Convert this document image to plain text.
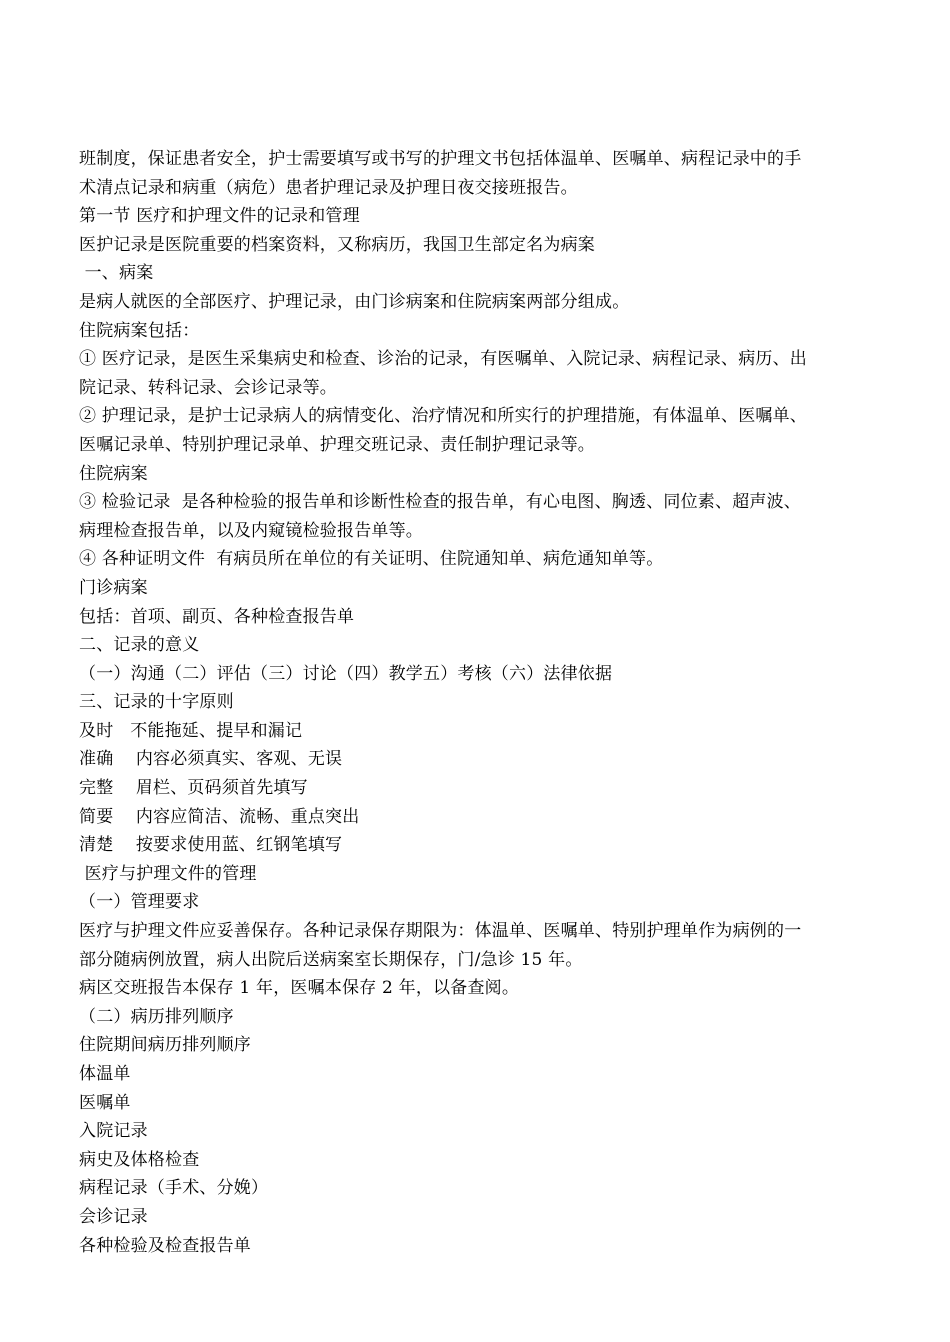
班制度，保证患者安全，护士需要填写或书写的护理文书包括体温单、医嘱单、病程记录中的手
术清点记录和病重（病危）患者护理记录及护理日夜交接班报告。
第一节 医疗和护理文件的记录和管理
医护记录是医院重要的档案资料，又称病历，我国卫生部定名为病案
一、病案
是病人就医的全部医疗、护理记录，由门诊病案和住院病案两部分组成。
住院病案包括：
① 医疗记录，是医生采集病史和检查、诊治的记录，有医嘱单、入院记录、病程记录、病历、出
院记录、转科记录、会诊记录等。
② 护理记录，是护士记录病人的病情变化、治疗情况和所实行的护理措施，有体温单、医嘱单、
医嘱记录单、特别护理记录单、护理交班记录、责任制护理记录等。
住院病案
③ 检验记录  是各种检验的报告单和诊断性检查的报告单，有心电图、胸透、同位素、超声波、
病理检查报告单，以及内窥镜检验报告单等。
④ 各种证明文件  有病员所在单位的有关证明、住院通知单、病危通知单等。
门诊病案
包括：首项、副页、各种检查报告单
二、记录的意义
（一）沟通（二）评估（三）讨论（四）教学五）考核（六）法律依据
三、记录的十字原则
及时   不能拖延、提早和漏记
准确    内容必须真实、客观、无误
完整    眉栏、页码须首先填写
简要    内容应简洁、流畅、重点突出
清楚    按要求使用蓝、红钢笔填写
医疗与护理文件的管理
（一）管理要求
医疗与护理文件应妥善保存。各种记录保存期限为：体温单、医嘱单、特别护理单作为病例的一
部分随病例放置，病人出院后送病案室长期保存，门/急诊 15 年。
病区交班报告本保存 1 年，医嘱本保存 2 年，以备查阅。
（二）病历排列顺序
住院期间病历排列顺序
体温单
医嘱单
入院记录
病史及体格检查
病程记录（手术、分娩）
会诊记录
各种检验及检查报告单
